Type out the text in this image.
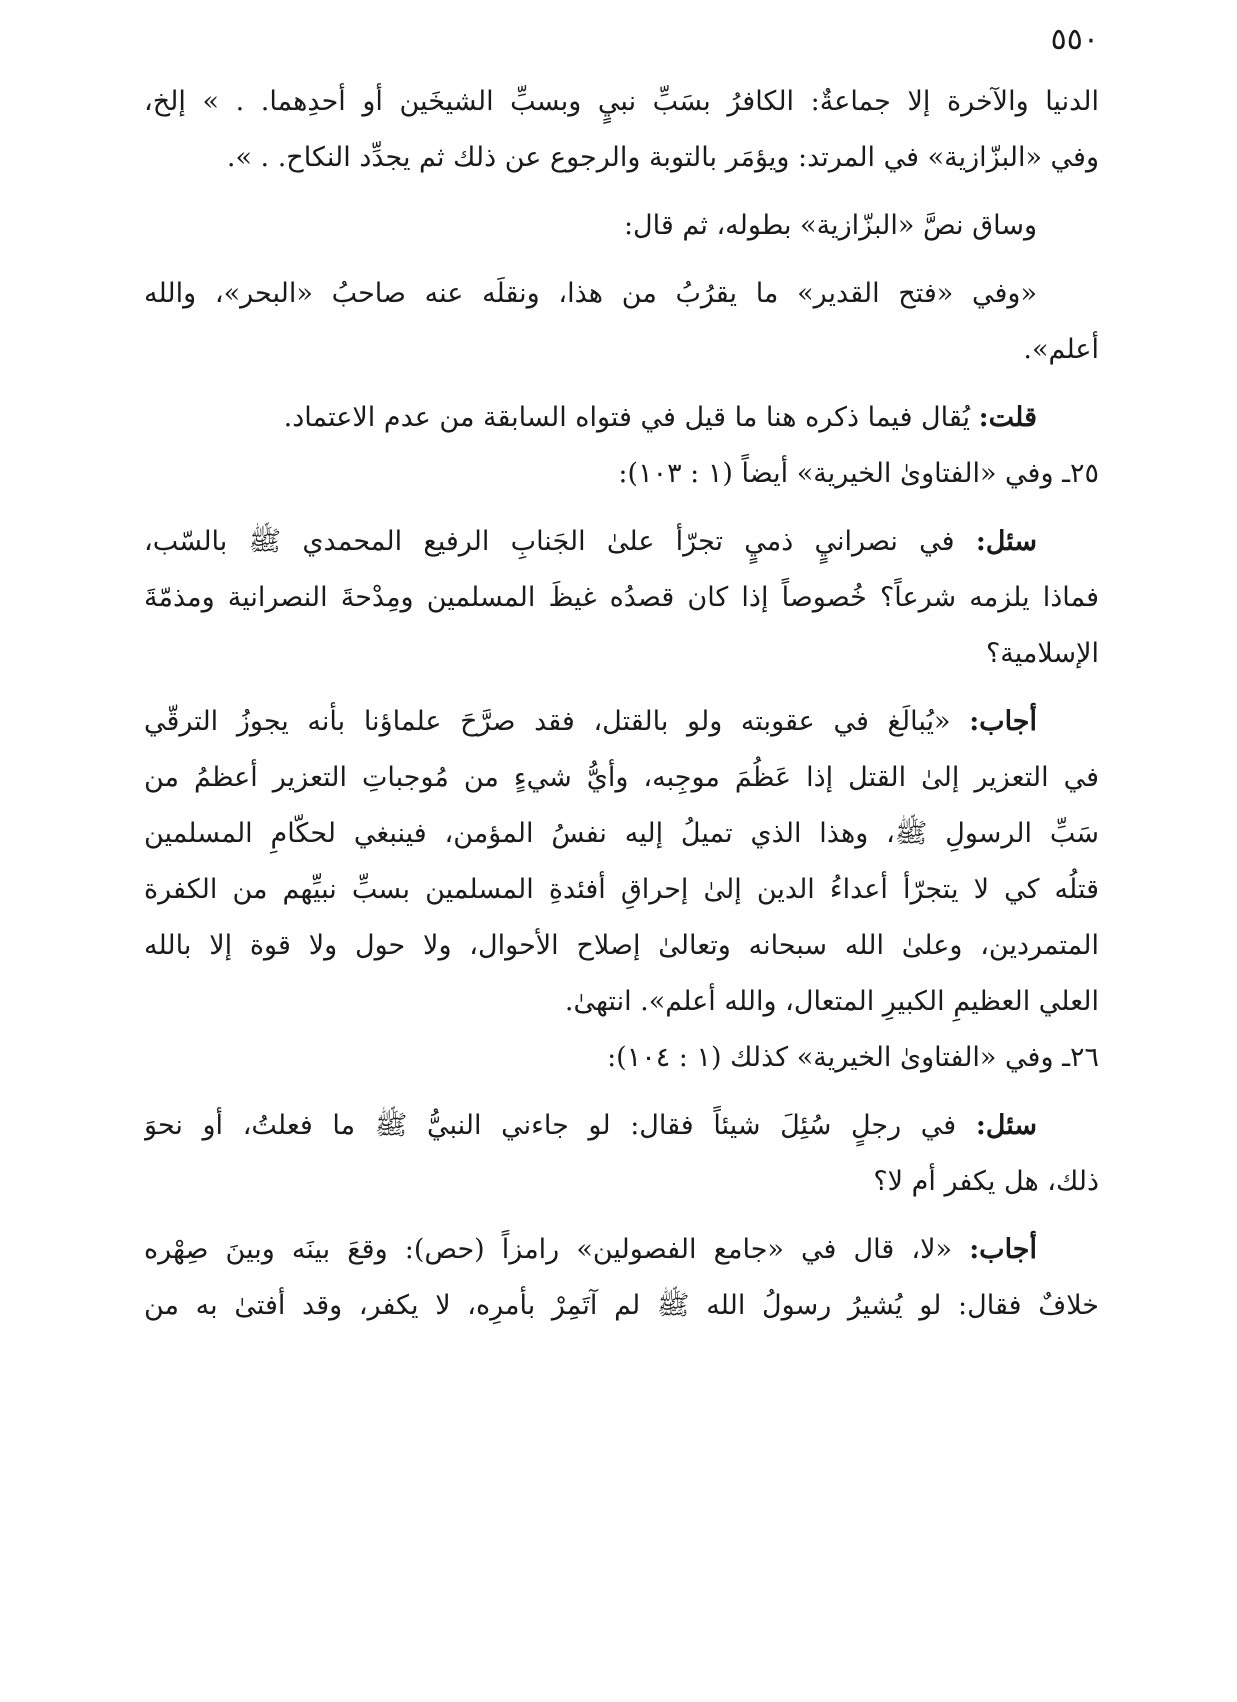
٥٥٠
الدنيا والآخرة إلا جماعةٌ: الكافرُ بسَبِّ نبيٍ وبسبِّ الشيخَين أو أحدِهما. . » إلخ،
وفي «البزّازية» في المرتد: ويؤمَر بالتوبة والرجوع عن ذلك ثم يجدِّد النكاح. . ».
وساق نصَّ «البزّازية» بطوله، ثم قال:
«وفي «فتح القدير» ما يقرُبُ من هذا، ونقلَه عنه صاحبُ «البحر»، والله
أعلم».
قلت: يُقال فيما ذكره هنا ما قيل في فتواه السابقة من عدم الاعتماد.
٢٥ـ وفي «الفتاوىٰ الخيرية» أيضاً (١ : ١٠٣):
سئل: في نصرانيٍ ذميٍ تجرّأ علىٰ الجَنابِ الرفيع المحمدي ﷺ بالسّب،
فماذا يلزمه شرعاً؟ خُصوصاً إذا كان قصدُه غيظَ المسلمين ومِدْحةَ النصرانية ومذمّةَ
الإسلامية؟
أجاب: «يُبالَغ في عقوبته ولو بالقتل، فقد صرَّحَ علماؤنا بأنه يجوزُ الترقّي
في التعزير إلىٰ القتل إذا عَظُمَ موجِبه، وأيُّ شيءٍ من مُوجباتِ التعزير أعظمُ من
سَبِّ الرسولِ ﷺ، وهذا الذي تميلُ إليه نفسُ المؤمن، فينبغي لحكّامِ المسلمين
قتلُه كي لا يتجرّأ أعداءُ الدين إلىٰ إحراقِ أفئدةِ المسلمين بسبِّ نبيِّهم من الكفرة
المتمردين، وعلىٰ الله سبحانه وتعالىٰ إصلاح الأحوال، ولا حول ولا قوة إلا بالله
العلي العظيمِ الكبيرِ المتعال، والله أعلم». انتهىٰ.
٢٦ـ وفي «الفتاوىٰ الخيرية» كذلك (١ : ١٠٤):
سئل: في رجلٍ سُئِلَ شيئاً فقال: لو جاءني النبيُّ ﷺ ما فعلتُ، أو نحوَ
ذلك، هل يكفر أم لا؟
أجاب: «لا، قال في «جامع الفصولين» رامزاً (حص): وقعَ بينَه وبينَ صِهْره
خلافٌ فقال: لو يُشيرُ رسولُ الله ﷺ لم آتَمِرْ بأمرِه، لا يكفر، وقد أفتىٰ به من
